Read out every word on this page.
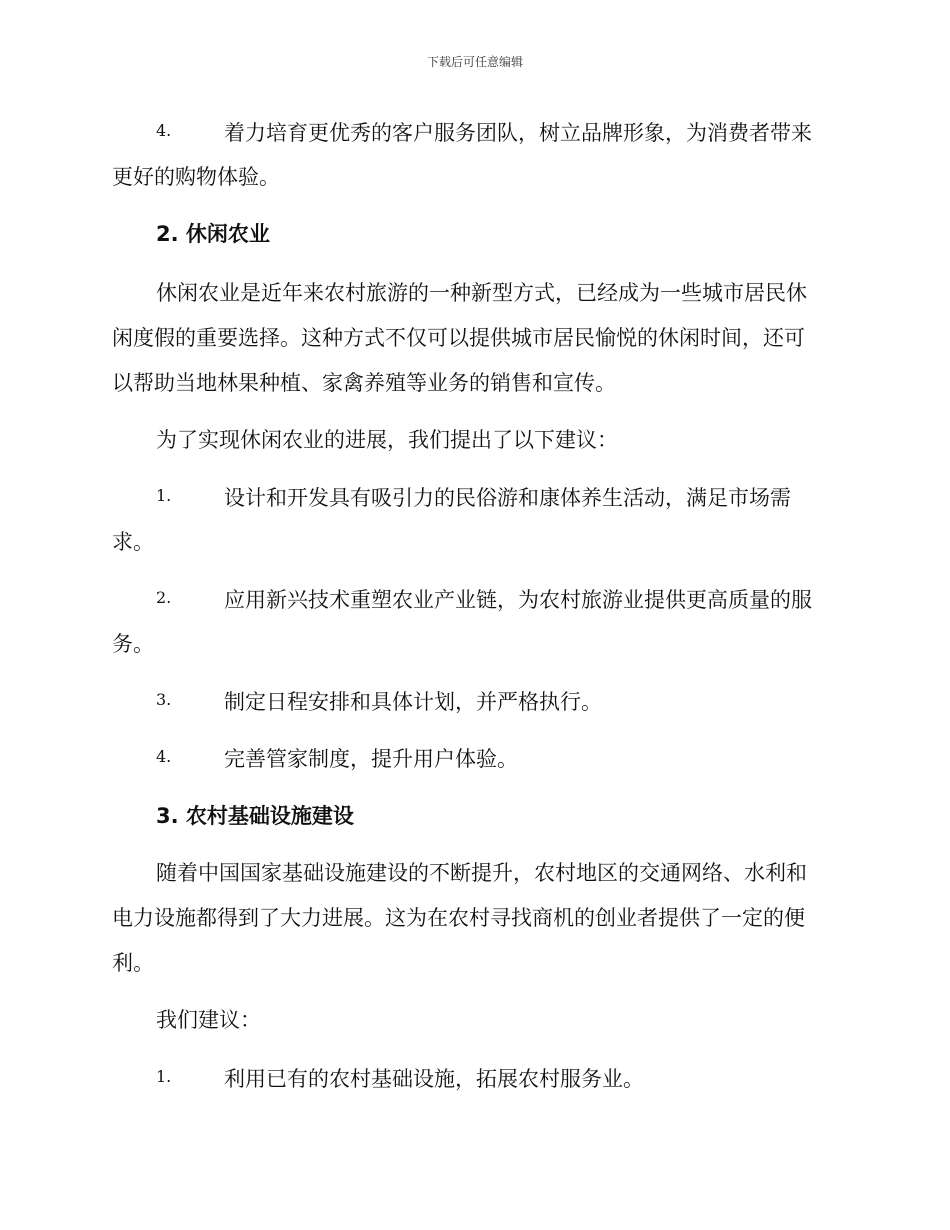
下载后可任意编辑
4.	着力培育更优秀的客户服务团队，树立品牌形象，为消费者带来
更好的购物体验。
2. 休闲农业
休闲农业是近年来农村旅游的一种新型方式，已经成为一些城市居民休
闲度假的重要选择。这种方式不仅可以提供城市居民愉悦的休闲时间，还可
以帮助当地林果种植、家禽养殖等业务的销售和宣传。
为了实现休闲农业的进展，我们提出了以下建议：
1.	设计和开发具有吸引力的民俗游和康体养生活动，满足市场需
求。
2.	应用新兴技术重塑农业产业链，为农村旅游业提供更高质量的服
务。
3.	制定日程安排和具体计划，并严格执行。
4.	完善管家制度，提升用户体验。
3. 农村基础设施建设
随着中国国家基础设施建设的不断提升，农村地区的交通网络、水利和
电力设施都得到了大力进展。这为在农村寻找商机的创业者提供了一定的便
利。
我们建议：
1.	利用已有的农村基础设施，拓展农村服务业。
